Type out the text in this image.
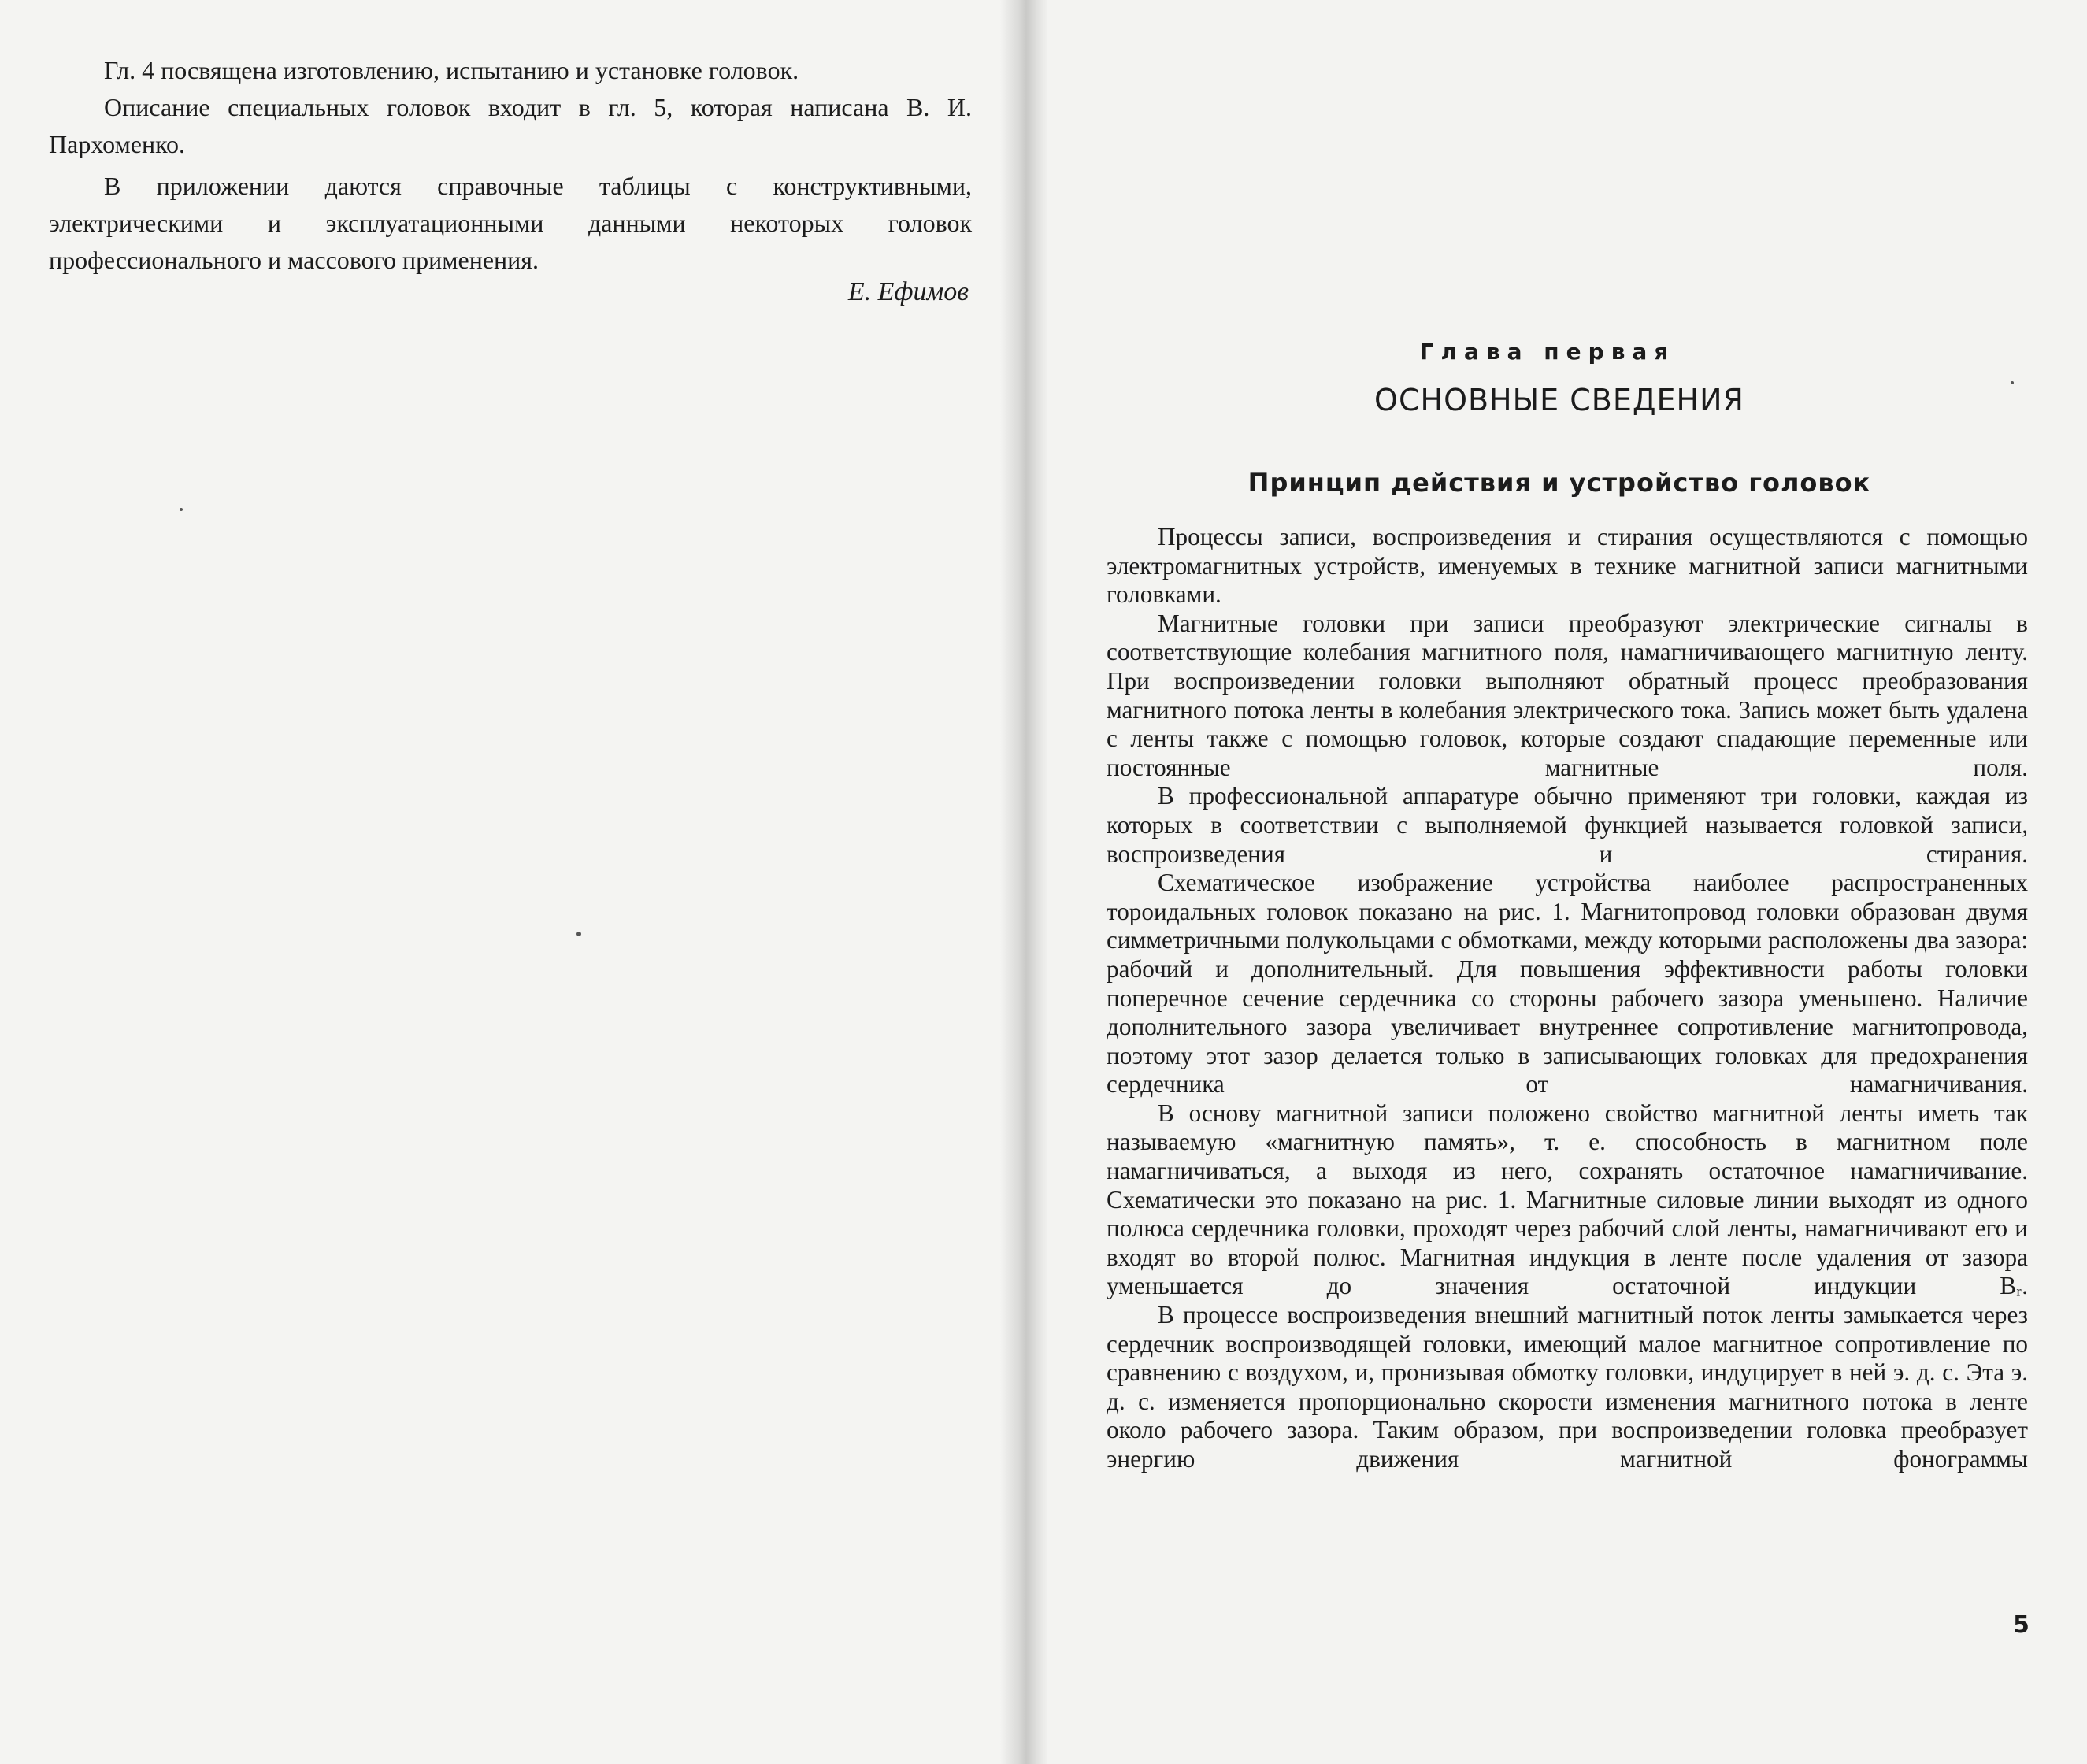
Гл. 4 посвящена изготовлению, испытанию и установке головок.

Описание специальных головок входит в гл. 5, которая написана В. И. Пархоменко.

В приложении даются справочные таблицы с конструктивными, электрическими и эксплуатационными данными некоторых головок профессионального и массового применения.

Е. Ефимов
Глава первая
ОСНОВНЫЕ СВЕДЕНИЯ
Принцип действия и устройство головок

Процессы записи, воспроизведения и стирания осуществляются с помощью электромагнитных устройств, именуемых в технике магнитной записи магнитными головками.

Магнитные головки при записи преобразуют электрические сигналы в соответствующие колебания магнитного поля, намагничивающего магнитную ленту. При воспроизведении головки выполняют обратный процесс преобразования магнитного потока ленты в колебания электрического тока. Запись может быть удалена с ленты также с помощью головок, которые создают спадающие переменные или постоянные магнитные поля.

В профессиональной аппаратуре обычно применяют три головки, каждая из которых в соответствии с выполняемой функцией называется головкой записи, воспроизведения и стирания.

Схематическое изображение устройства наиболее распространенных тороидальных головок показано на рис. 1. Магнитопровод головки образован двумя симметричными полукольцами с обмотками, между которыми расположены два зазора: рабочий и дополнительный. Для повышения эффективности работы головки поперечное сечение сердечника со стороны рабочего зазора уменьшено. Наличие дополнительного зазора увеличивает внутреннее сопротивление магнитопровода, поэтому этот зазор делается только в записывающих головках для предохранения сердечника от намагничивания.

В основу магнитной записи положено свойство магнитной ленты иметь так называемую «магнитную память», т. е. способность в магнитном поле намагничиваться, а выходя из него, сохранять остаточное намагничивание. Схематически это показано на рис. 1. Магнитные силовые линии выходят из одного полюса сердечника головки, проходят через рабочий слой ленты, намагничивают его и входят во второй полюс. Магнитная индукция в ленте после удаления от зазора уменьшается до значения остаточной индукции Bᵣ.

В процессе воспроизведения внешний магнитный поток ленты замыкается через сердечник воспроизводящей головки, имеющий малое магнитное сопротивление по сравнению с воздухом, и, пронизывая обмотку головки, индуцирует в ней э. д. с. Эта э. д. с. изменяется пропорционально скорости изменения магнитного потока в ленте около рабочего зазора. Таким образом, при воспроизведении головка преобразует энергию движения магнитной фонограммы

5
